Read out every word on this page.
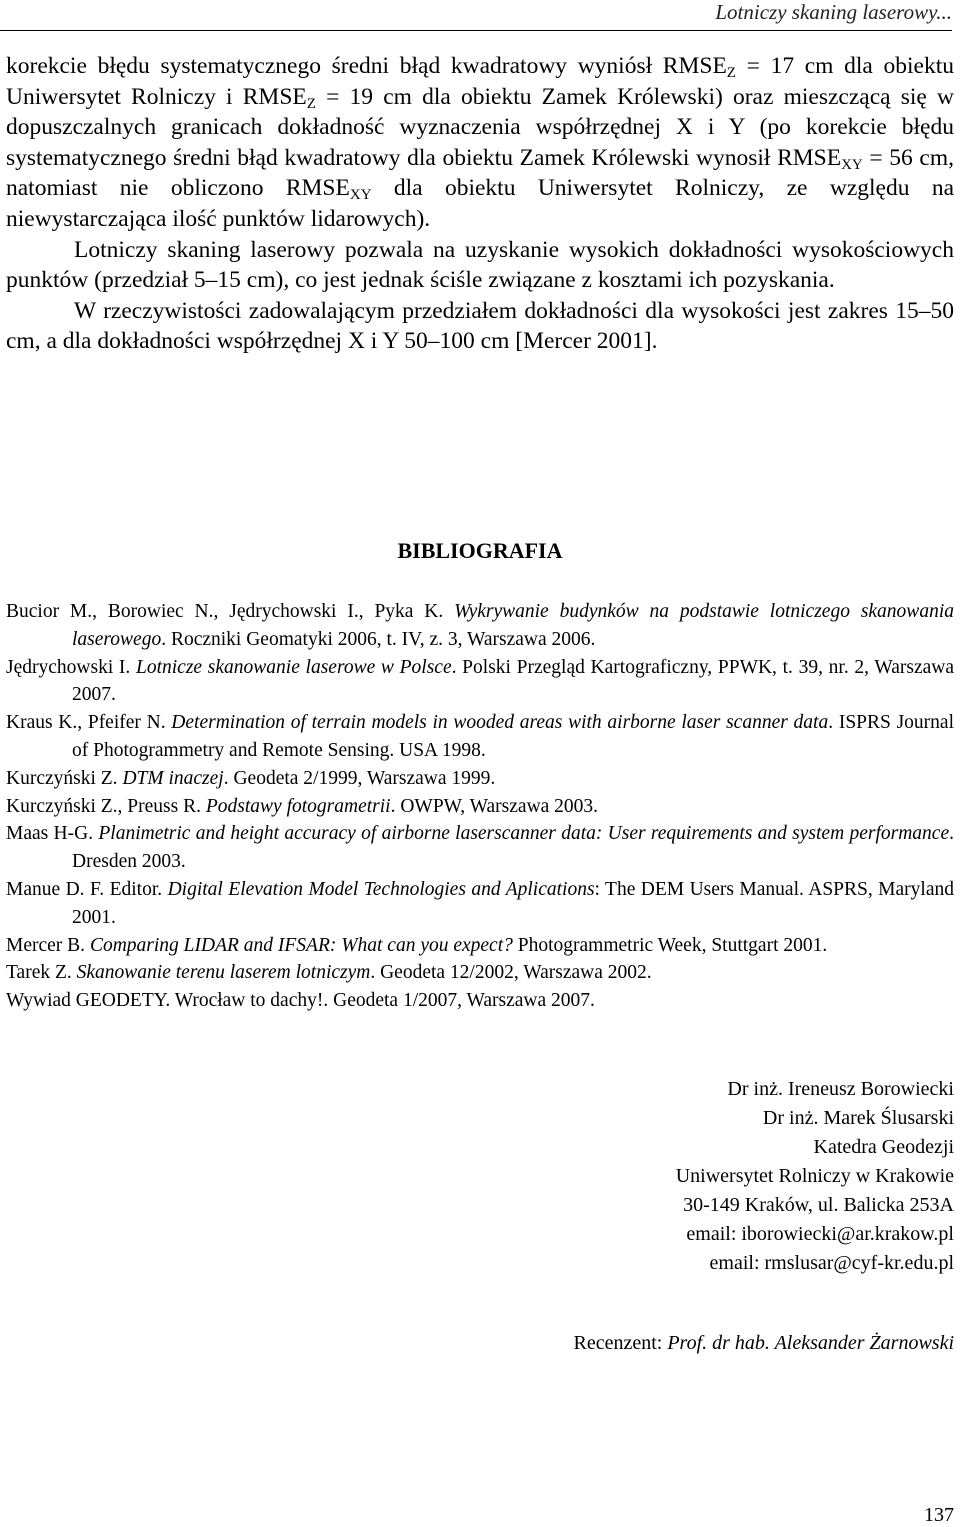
Lotniczy skaning laserowy...

korekcie błędu systematycznego średni błąd kwadratowy wyniósł $RMSE_Z = 17$ cm dla obiektu Uniwersytet Rolniczy i $RMSE_Z = 19$ cm dla obiektu Zamek Królewski) oraz mieszczącą się w dopuszczalnych granicach dokładność wyznaczenia współrzędnej X i Y (po korekcie błędu systematycznego średni błąd kwadratowy dla obiektu Zamek Królewski wynosił $RMSE_{XY} = 56$ cm, natomiast nie obliczono $RMSE_{XY}$ dla obiektu Uniwersytet Rolniczy, ze względu na niewystarczająca ilość punktów lidarowych).

Lotniczy skaning laserowy pozwala na uzyskanie wysokich dokładności wysokościowych punktów (przedział 5–15 cm), co jest jednak ściśle związane z kosztami ich pozyskania.

W rzeczywistości zadowalającym przedziałem dokładności dla wysokości jest zakres 15–50 cm, a dla dokładności współrzędnej X i Y 50–100 cm [Mercer 2001].

BIBLIOGRAFIA
Bucior M., Borowiec N., Jędrychowski I., Pyka K. Wykrywanie budynków na podstawie lotniczego skanowania laserowego. Roczniki Geomatyki 2006, t. IV, z. 3, Warszawa 2006.
Jędrychowski I. Lotnicze skanowanie laserowe w Polsce. Polski Przegląd Kartograficzny, PPWK, t. 39, nr. 2, Warszawa 2007.
Kraus K., Pfeifer N. Determination of terrain models in wooded areas with airborne laser scanner data. ISPRS Journal of Photogrammetry and Remote Sensing. USA 1998.
Kurczyński Z. DTM inaczej. Geodeta 2/1999, Warszawa 1999.
Kurczyński Z., Preuss R. Podstawy fotogrametrii. OWPW, Warszawa 2003.
Maas H-G. Planimetric and height accuracy of airborne laserscanner data: User requirements and system performance. Dresden 2003.
Manue D. F. Editor. Digital Elevation Model Technologies and Aplications: The DEM Users Manual. ASPRS, Maryland 2001.
Mercer B. Comparing LIDAR and IFSAR: What can you expect? Photogrammetric Week, Stuttgart 2001.
Tarek Z. Skanowanie terenu laserem lotniczym. Geodeta 12/2002, Warszawa 2002.
Wywiad GEODETY. Wrocław to dachy!. Geodeta 1/2007, Warszawa 2007.
Dr inż. Ireneusz Borowiecki
Dr inż. Marek Ślusarski
Katedra Geodezji
Uniwersytet Rolniczy w Krakowie
30-149 Kraków, ul. Balicka 253A
email: iborowiecki@ar.krakow.pl
email: rmslusar@cyf-kr.edu.pl
Recenzent: Prof. dr hab. Aleksander Żarnowski
137
